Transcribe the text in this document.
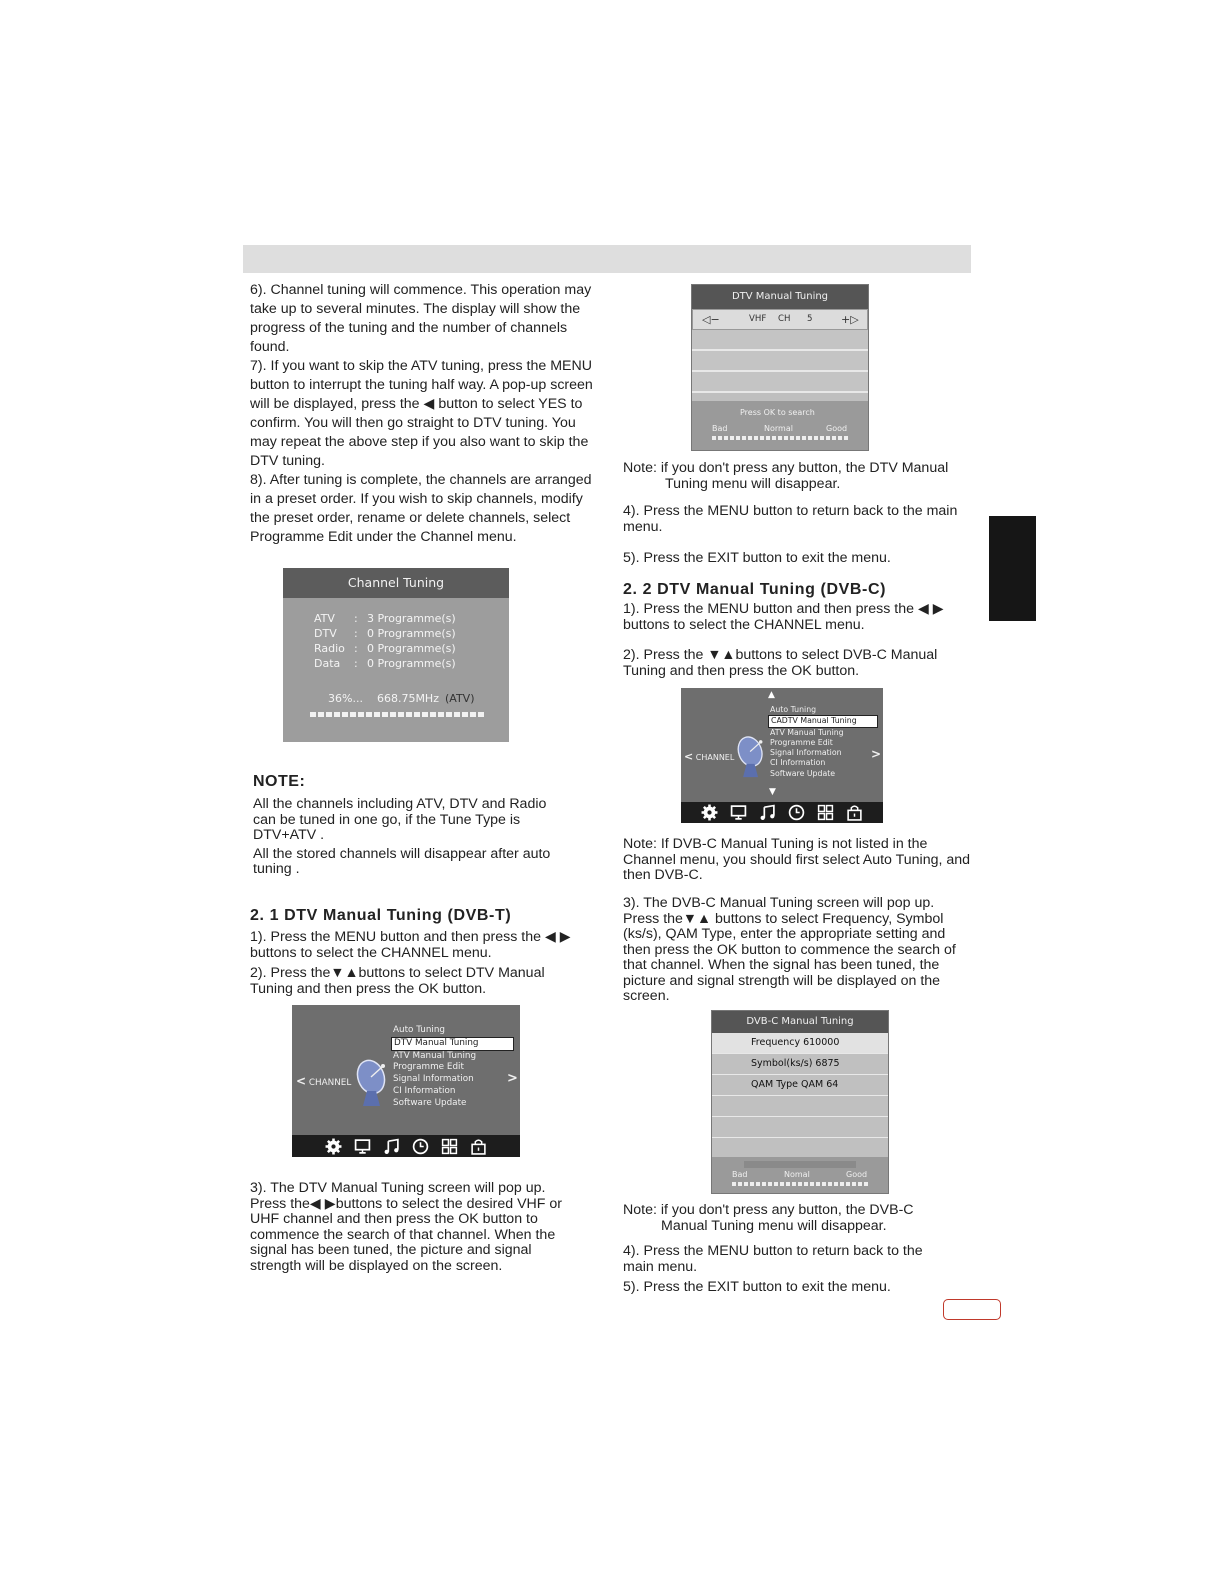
6). Channel tuning will commence. This operation may take up to several minutes. The display will show the progress of the tuning and the number of channels found.

7). If you want to skip the ATV tuning, press the MENU button to interrupt the tuning half way. A pop-up screen will be displayed, press the ◀ button to select YES to confirm. You will then go straight to DTV tuning. You may repeat the above step if you also want to skip the DTV tuning.

8). After tuning is complete, the channels are arranged in a preset order. If you wish to skip channels, modify the preset order, rename or delete channels, select Programme Edit under the Channel menu.

Channel Tuning
ATV : 3 Programme(s)
DTV : 0 Programme(s)
Radio : 0 Programme(s)
Data : 0 Programme(s)
36%... 668.75MHz (ATV)
NOTE:
All the channels including ATV, DTV and Radio can be tuned in one go, if the Tune Type is DTV+ATV .
All the stored channels will disappear after auto tuning .
2. 1 DTV Manual Tuning (DVB-T)
1). Press the MENU button and then press the ◀ ▶ buttons to select the CHANNEL menu.
2). Press the▼▲buttons to select DTV Manual Tuning and then press the OK button.
Auto Tuning
DTV Manual Tuning
ATV Manual Tuning
Programme Edit
Signal Information
CI Information
Software Update
< CHANNEL	>
3). The DTV Manual Tuning screen will pop up. Press the◀ ▶buttons to select the desired VHF or UHF channel and then press the OK button to commence the search of that channel. When the signal has been tuned, the picture and signal strength will be displayed on the screen.
DTV Manual Tuning
◁−	VHF CH 5	+▷
Press OK to search
Bad	Normal	Good
Note: if you don't press any button, the DTV Manual
Tuning menu will disappear.
4). Press the MENU button to return back to the main menu.
5). Press the EXIT button to exit the menu.
2. 2 DTV Manual Tuning (DVB-C)
1). Press the MENU button and then press the ◀ ▶ buttons to select the CHANNEL menu.
2). Press the ▼▲buttons to select DVB-C Manual Tuning and then press the OK button.
▲
Auto Tuning
CADTV Manual Tuning
ATV Manual Tuning
Programme Edit
Signal Information
CI Information
Software Update
< CHANNEL	>
▼
Note: If DVB-C Manual Tuning is not listed in the Channel menu, you should first select Auto Tuning, and then DVB-C.
3). The DVB-C Manual Tuning screen will pop up. Press the▼▲ buttons to select Frequency, Symbol (ks/s), QAM Type, enter the appropriate setting and then press the OK button to commence the search of that channel. When the signal has been tuned, the picture and signal strength will be displayed on the screen.
DVB-C Manual Tuning
Frequency 610000
Symbol(ks/s) 6875
QAM Type QAM 64
Bad	Nomal	Good
Note: if you don't press any button, the DVB-C
Manual Tuning menu will disappear.
4). Press the MENU button to return back to the main menu.
5). Press the EXIT button to exit the menu.
